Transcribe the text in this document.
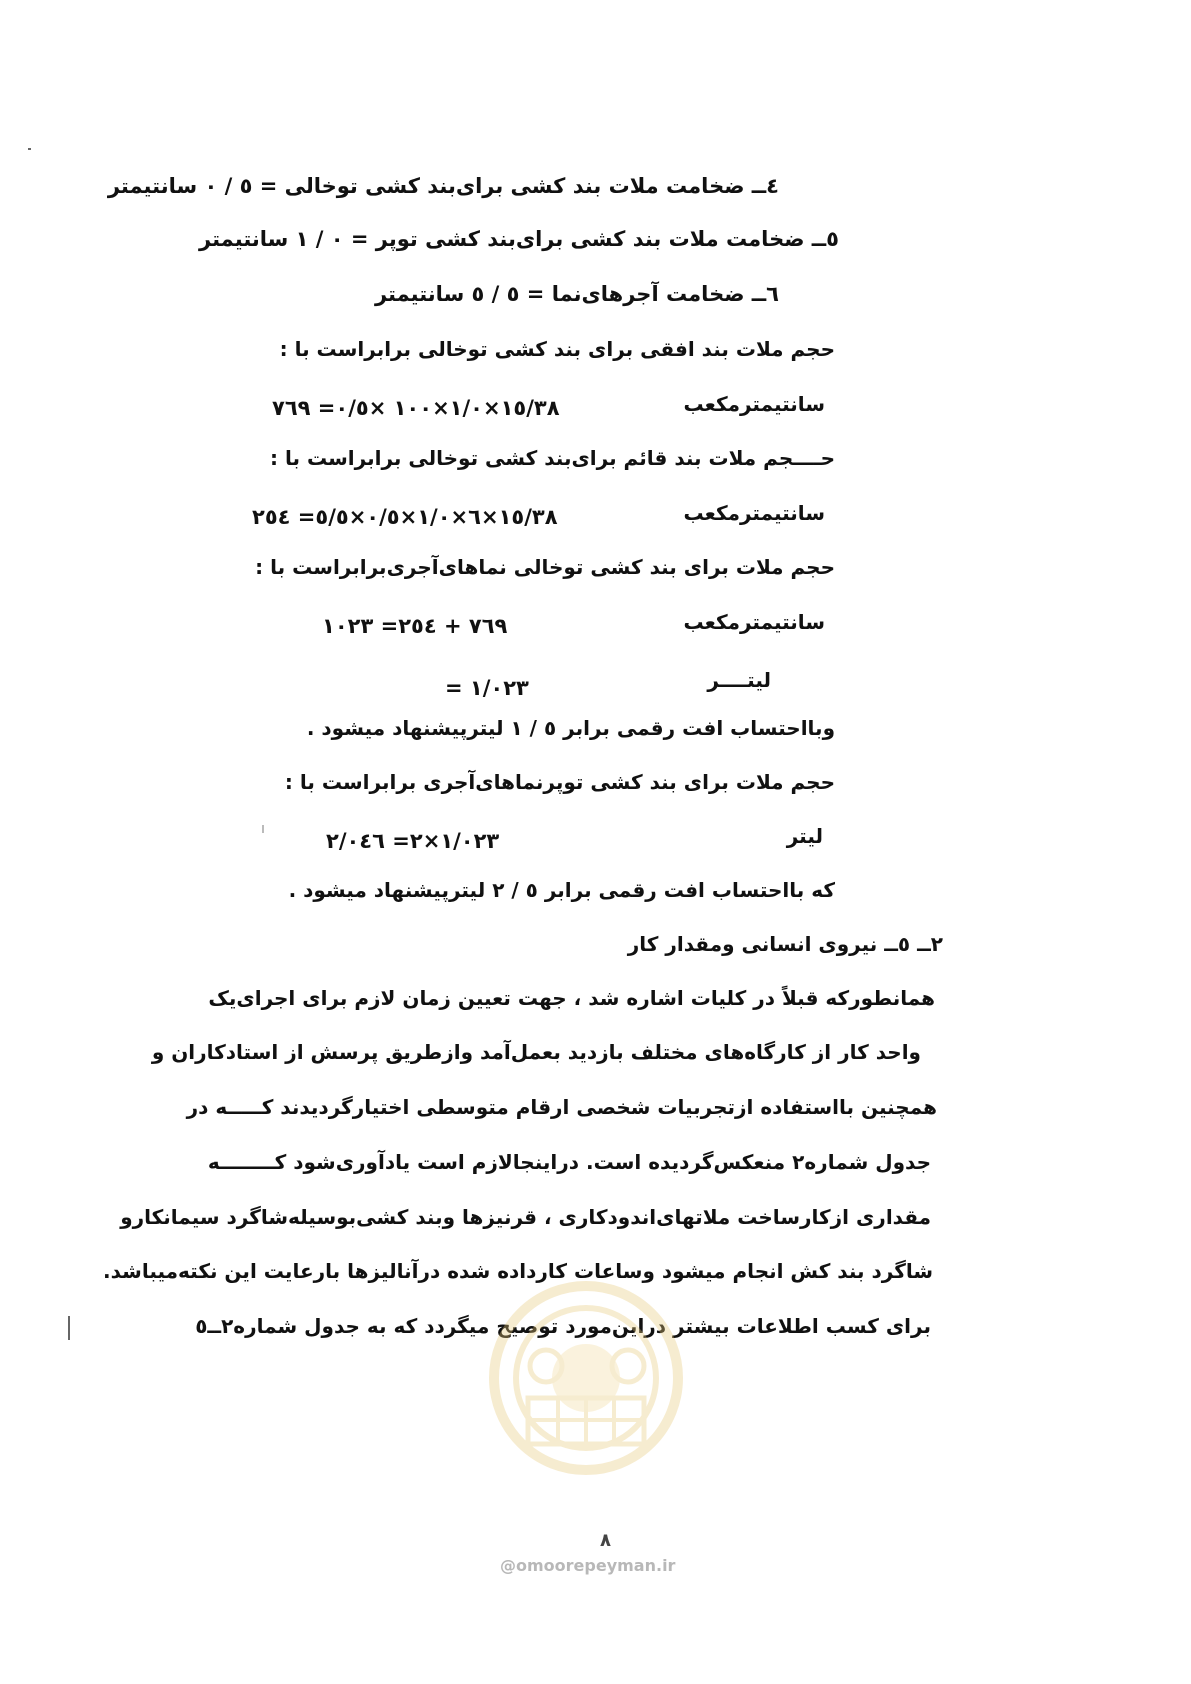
٤ــ ضخامت ملات بند کشی برای‌بند کشی توخالی = ٥ / ٠ سانتیمتر
٥ــ ضخامت ملات بند کشی برای‌بند کشی توپر = ٠ / ١ سانتیمتر
٦ــ ضخامت آجرهای‌نما = ٥ / ٥ سانتیمتر
حجم ملات بند افقی برای بند کشی توخالی برابراست با :
سانتیمترمکعب
١٥/٣٨×١/٠×١٠٠ ×٠/٥= ٧٦٩
حــــجم ملات بند قائم برای‌بند کشی توخالی برابراست با :
سانتیمترمکعب
١٥/٣٨×٦×١/٠×٠/٥×٥/٥= ٢٥٤
حجم ملات برای بند کشی توخالی نماهای‌آجری‌برابراست با :
سانتیمترمکعب
٧٦٩ + ٢٥٤= ١٠٢٣
لیتــــر
= ١/٠٢٣
وبااحتساب افت رقمی برابر ٥ / ١ لیترپیشنهاد میشود .
حجم ملات برای بند کشی توپرنماهای‌آجری برابراست با :
لیتر
١/٠٢٣×٢= ٢/٠٤٦
که بااحتساب افت رقمی برابر ٥ / ٢ لیترپیشنهاد میشود .
٢ــ ٥ــ نیروی انسانی ومقدار کار
همانطورکه قبلاً در کلیات اشاره شد ، جهت تعیین زمان لازم برای اجرای‌یک
واحد کار از کارگاه‌های مختلف بازدید بعمل‌آمد واز‌طریق پرسش از استادکاران و
همچنین بااستفاده ازتجربیات شخصی ارقام متوسطی اختیارگردیدند کـــــه در
جدول شماره٢ منعکس‌گردیده است. دراینجالازم است یادآوری‌شود کــــــــه
مقداری ازکارساخت ملاتهای‌اندودکاری ، قرنیزها وبند کشی‌بوسیله‌شاگرد سیمانکارو
شاگرد بند کش انجام میشود وساعات کارداده شده درآنالیزها بارعایت این نکته‌میباشد.
برای کسب اطلاعات بیشتر دراین‌مورد توصیح میگردد که به جدول شماره٢ــ٥
٨
@omoorepeyman.ir
